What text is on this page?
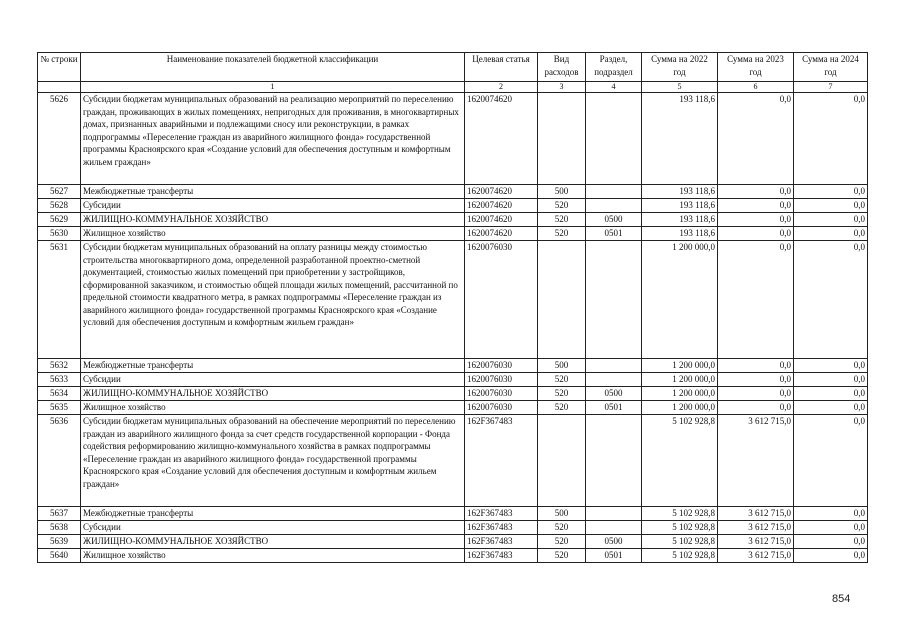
№ строки	Наименование показателей бюджетной классификации	Целевая статья	Вид расходов	Раздел, подраздел	Сумма на 2022 год	Сумма на 2023 год	Сумма на 2024 год
	1	2	3	4	5	6	7
5626	Субсидии бюджетам муниципальных образований на реализацию мероприятий по переселению граждан, проживающих в жилых помещениях, непригодных для проживания, в многоквартирных домах, признанных аварийными и подлежащими сносу или реконструкции, в рамках подпрограммы «Переселение граждан из аварийного жилищного фонда» государственной программы Красноярского края «Создание условий для обеспечения доступным и комфортным жильем граждан»	1620074620			193 118,6	0,0	0,0
5627	Межбюджетные трансферты	1620074620	500		193 118,6	0,0	0,0
5628	Субсидии	1620074620	520		193 118,6	0,0	0,0
5629	ЖИЛИЩНО-КОММУНАЛЬНОЕ ХОЗЯЙСТВО	1620074620	520	0500	193 118,6	0,0	0,0
5630	Жилищное хозяйство	1620074620	520	0501	193 118,6	0,0	0,0
5631	Субсидии бюджетам муниципальных образований на оплату разницы между стоимостью строительства многоквартирного дома, определенной разработанной проектно-сметной документацией, стоимостью жилых помещений при приобретении у застройщиков, сформированной заказчиком, и стоимостью общей площади жилых помещений, рассчитанной по предельной стоимости квадратного метра, в рамках подпрограммы «Переселение граждан из аварийного жилищного фонда» государственной программы Красноярского края «Создание условий для обеспечения доступным и комфортным жильем граждан»	1620076030			1 200 000,0	0,0	0,0
5632	Межбюджетные трансферты	1620076030	500		1 200 000,0	0,0	0,0
5633	Субсидии	1620076030	520		1 200 000,0	0,0	0,0
5634	ЖИЛИЩНО-КОММУНАЛЬНОЕ ХОЗЯЙСТВО	1620076030	520	0500	1 200 000,0	0,0	0,0
5635	Жилищное хозяйство	1620076030	520	0501	1 200 000,0	0,0	0,0
5636	Субсидии бюджетам муниципальных образований на обеспечение мероприятий по переселению граждан из аварийного жилищного фонда за счет средств государственной корпорации - Фонда содействия реформированию жилищно-коммунального хозяйства в рамках подпрограммы «Переселение граждан из аварийного жилищного фонда» государственной программы Красноярского края «Создание условий для обеспечения доступным и комфортным жильем граждан»	162F367483			5 102 928,8	3 612 715,0	0,0
5637	Межбюджетные трансферты	162F367483	500		5 102 928,8	3 612 715,0	0,0
5638	Субсидии	162F367483	520		5 102 928,8	3 612 715,0	0,0
5639	ЖИЛИЩНО-КОММУНАЛЬНОЕ ХОЗЯЙСТВО	162F367483	520	0500	5 102 928,8	3 612 715,0	0,0
5640	Жилищное хозяйство	162F367483	520	0501	5 102 928,8	3 612 715,0	0,0
854
